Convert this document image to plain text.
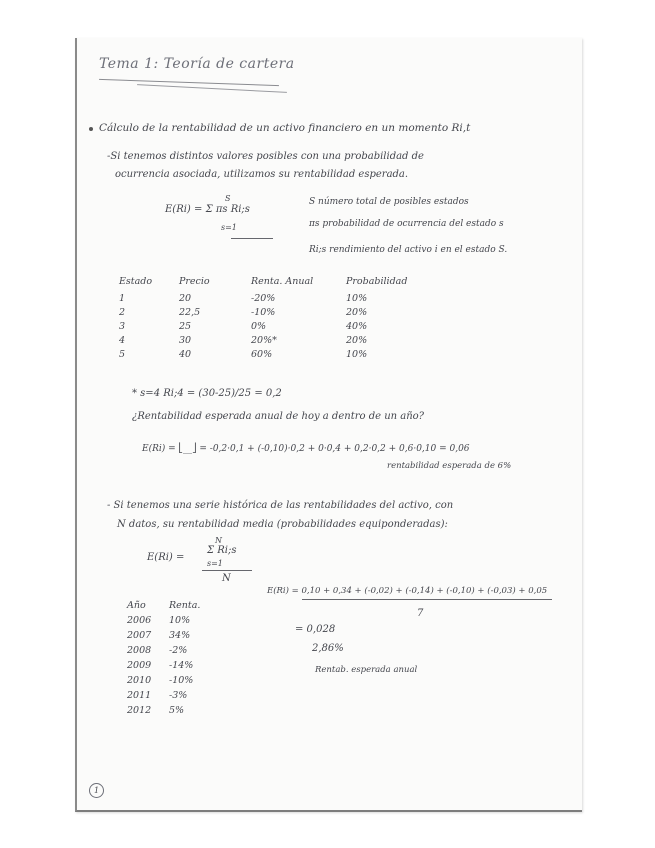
Tema 1: Teoría de cartera
Cálculo de la rentabilidad de un activo financiero en un momento Ri,t
-Si tenemos distintos valores posibles con una probabilidad de
ocurrencia asociada, utilizamos su rentabilidad esperada.
S
E(Ri) = Σ πs Ri;s
s=1
S número total de posibles estados
πs probabilidad de ocurrencia del estado s
Ri;s rendimiento del activo i en el estado S.
Estado	Precio	Renta. Anual	Probabilidad
1	20	-20%	10%
2	22,5	-10%	20%
3	25	0%	40%
4	30	20%*	20%
5	40	60%	10%
* s=4 Ri;4 = (30-25)/25 = 0,2
¿Rentabilidad esperada anual de hoy a dentro de un año?
E(Ri) = ⎣__⎦ = -0,2·0,1 + (-0,10)·0,2 + 0·0,4 + 0,2·0,2 + 0,6·0,10 = 0,06
rentabilidad esperada de 6%
- Si tenemos una serie histórica de las rentabilidades del activo, con
N datos, su rentabilidad media (probabilidades equiponderadas):
N
E(Ri) =
Σ Ri;s
s=1
N
Año	Renta.
2006	10%
2007	34%
2008	-2%
2009	-14%
2010	-10%
2011	-3%
2012	5%
E(Ri) = 0,10 + 0,34 + (-0,02) + (-0,14) + (-0,10) + (-0,03) + 0,05
7
= 0,028
2,86%
Rentab. esperada anual
1
